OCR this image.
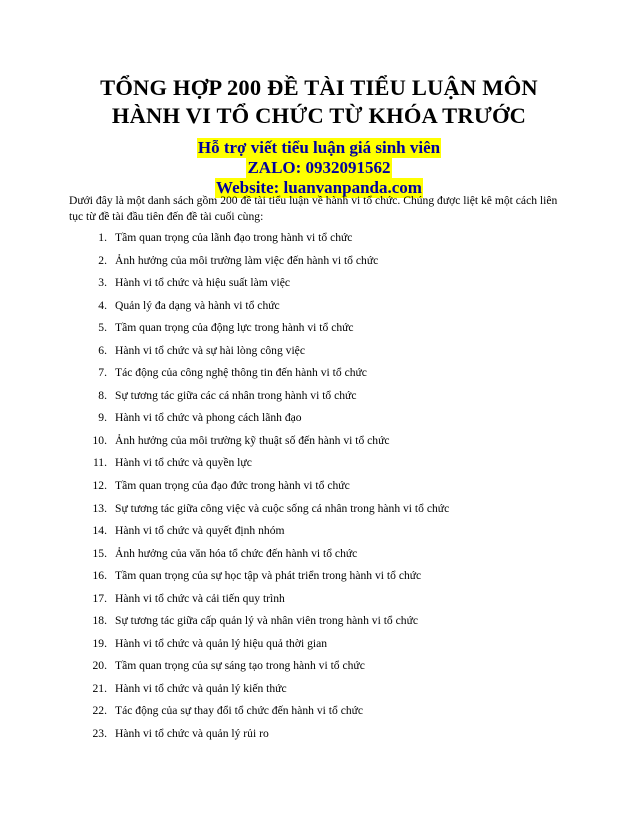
TỔNG HỢP 200 ĐỀ TÀI TIỂU LUẬN MÔN
HÀNH VI TỔ CHỨC TỪ KHÓA TRƯỚC
Hỗ trợ viết tiểu luận giá sinh viên
ZALO: 0932091562
Website: luanvanpanda.com

Dưới đây là một danh sách gồm 200 đề tài tiểu luận về hành vi tổ chức. Chúng được liệt kê một cách liên tục từ đề tài đầu tiên đến đề tài cuối cùng:

1. Tầm quan trọng của lãnh đạo trong hành vi tổ chức
2. Ảnh hưởng của môi trường làm việc đến hành vi tổ chức
3. Hành vi tổ chức và hiệu suất làm việc
4. Quản lý đa dạng và hành vi tổ chức
5. Tầm quan trọng của động lực trong hành vi tổ chức
6. Hành vi tổ chức và sự hài lòng công việc
7. Tác động của công nghệ thông tin đến hành vi tổ chức
8. Sự tương tác giữa các cá nhân trong hành vi tổ chức
9. Hành vi tổ chức và phong cách lãnh đạo
10. Ảnh hưởng của môi trường kỹ thuật số đến hành vi tổ chức
11. Hành vi tổ chức và quyền lực
12. Tầm quan trọng của đạo đức trong hành vi tổ chức
13. Sự tương tác giữa công việc và cuộc sống cá nhân trong hành vi tổ chức
14. Hành vi tổ chức và quyết định nhóm
15. Ảnh hưởng của văn hóa tổ chức đến hành vi tổ chức
16. Tầm quan trọng của sự học tập và phát triển trong hành vi tổ chức
17. Hành vi tổ chức và cải tiến quy trình
18. Sự tương tác giữa cấp quản lý và nhân viên trong hành vi tổ chức
19. Hành vi tổ chức và quản lý hiệu quả thời gian
20. Tầm quan trọng của sự sáng tạo trong hành vi tổ chức
21. Hành vi tổ chức và quản lý kiến thức
22. Tác động của sự thay đổi tổ chức đến hành vi tổ chức
23. Hành vi tổ chức và quản lý rủi ro
